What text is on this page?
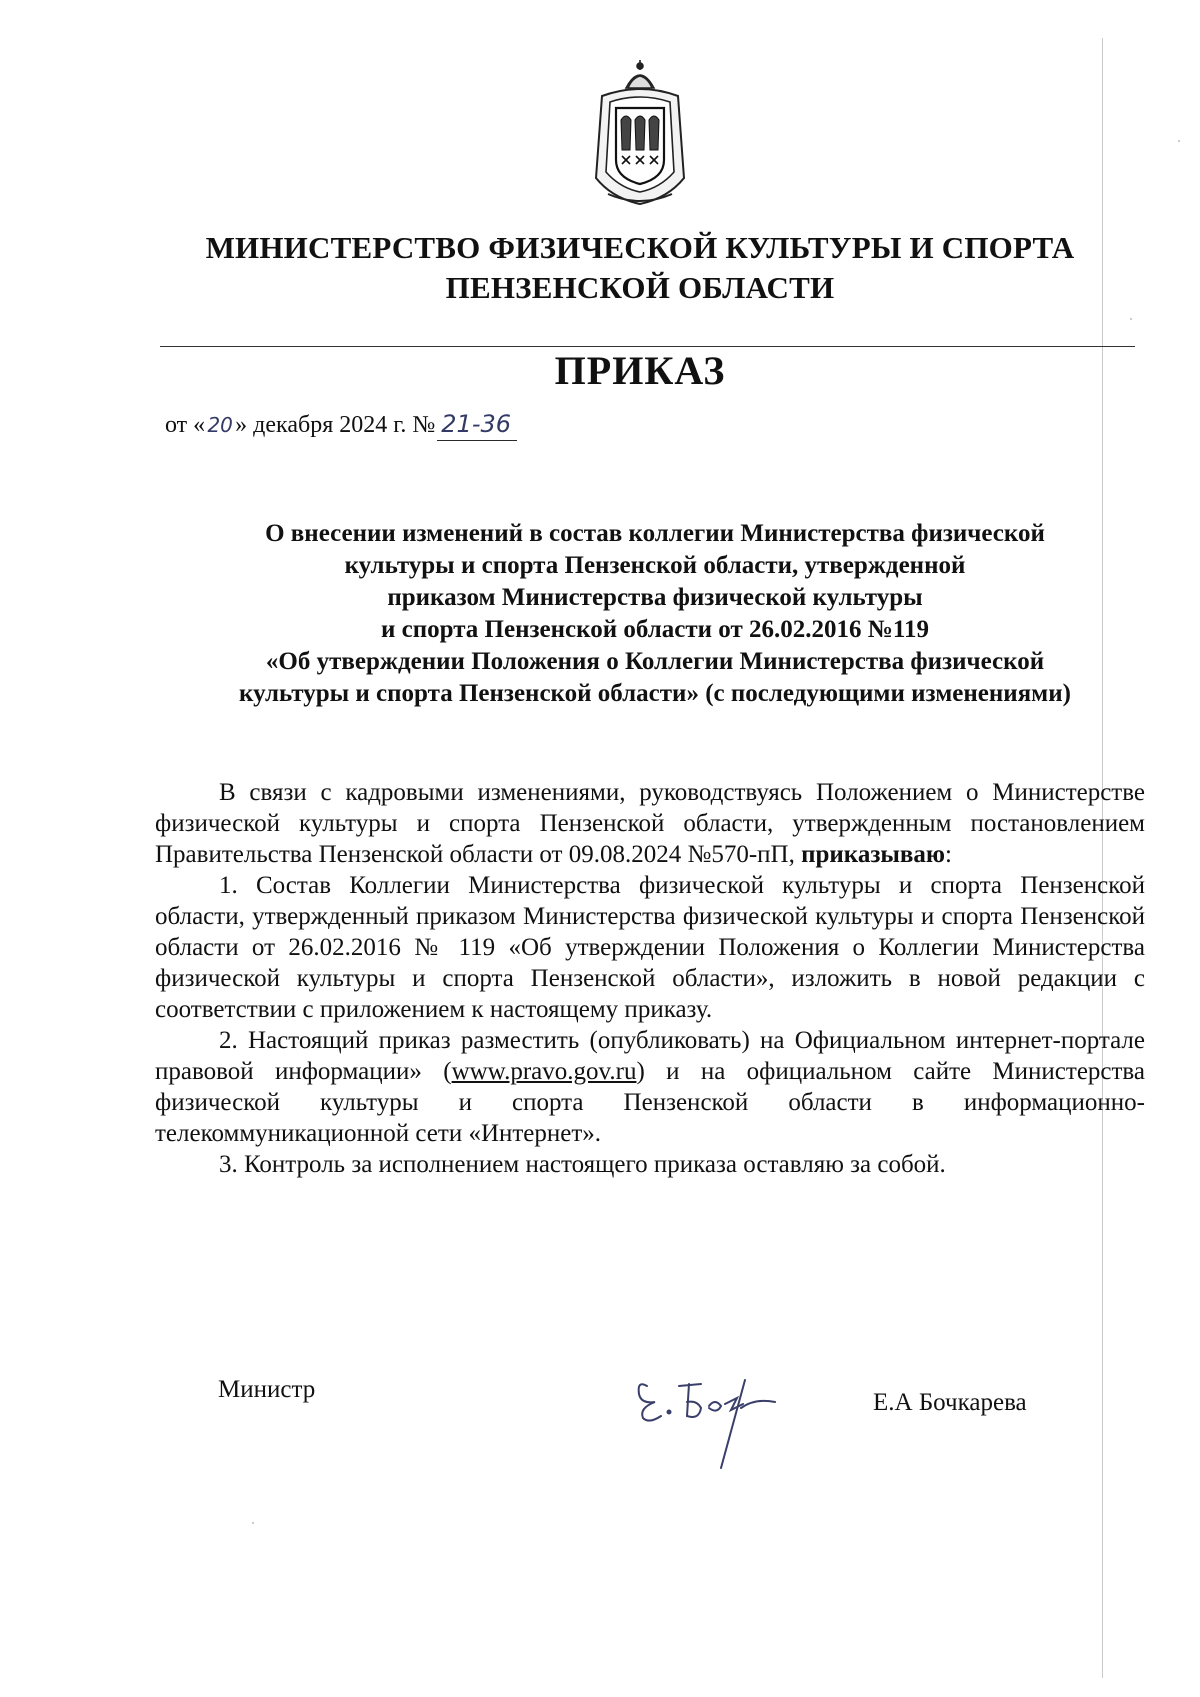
МИНИСТЕРСТВО ФИЗИЧЕСКОЙ КУЛЬТУРЫ И СПОРТА
ПЕНЗЕНСКОЙ ОБЛАСТИ
ПРИКАЗ
от « 20» декабря 2024 г. № 21-36
О внесении изменений в состав коллегии Министерства физической
культуры и спорта Пензенской области, утвержденной
приказом Министерства физической культуры
и спорта Пензенской области от 26.02.2016 №119
«Об утверждении Положения о Коллегии Министерства физической
культуры и спорта Пензенской области» (с последующими изменениями)

В связи с кадровыми изменениями, руководствуясь Положением о Министерстве физической культуры и спорта Пензенской области, утвержденным постановлением Правительства Пензенской области от 09.08.2024 №570-пП, приказываю:

1. Состав Коллегии Министерства физической культуры и спорта Пензенской области, утвержденный приказом Министерства физической культуры и спорта Пензенской области от 26.02.2016 № 119 «Об утверждении Положения о Коллегии Министерства физической культуры и спорта Пензенской области», изложить в новой редакции с соответствии с приложением к настоящему приказу.

2. Настоящий приказ разместить (опубликовать) на Официальном интернет-портале правовой информации» (www.pravo.gov.ru) и на официальном сайте Министерства физической культуры и спорта Пензенской области в информационно-телекоммуникационной сети «Интернет».

3. Контроль за исполнением настоящего приказа оставляю за собой.

Министр	Е.А Бочкарева
